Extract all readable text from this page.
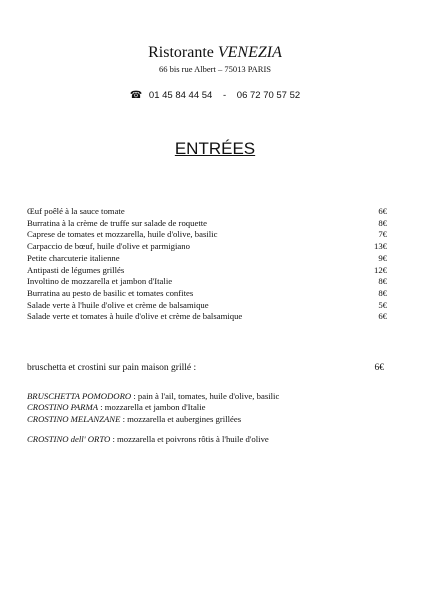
Ristorante VENEZIA
66 bis rue Albert – 75013 PARIS
☎ 01 45 84 44 54 - 06 72 70 57 52
ENTRÉES
Œuf poêlé à la sauce tomate	6€
Burratina à la crème de truffe sur salade de roquette	8€
Caprese de tomates et mozzarella, huile d'olive, basilic	7€
Carpaccio de bœuf, huile d'olive et parmigiano	13€
Petite charcuterie italienne	9€
Antipasti de légumes grillés	12€
Involtino de mozzarella et jambon d'Italie	8€
Burratina au pesto de basilic et tomates confites	8€
Salade verte à l'huile d'olive et crème de balsamique	5€
Salade verte et tomates à huile d'olive et crème de balsamique	6€
bruschetta et crostini sur pain maison grillé :	6€
BRUSCHETTA POMODORO : pain à l'ail, tomates, huile d'olive, basilic
CROSTINO PARMA : mozzarella et jambon d'Italie
CROSTINO MELANZANE : mozzarella et aubergines grillées
CROSTINO dell' ORTO : mozzarella et poivrons rôtis à l'huile d'olive
